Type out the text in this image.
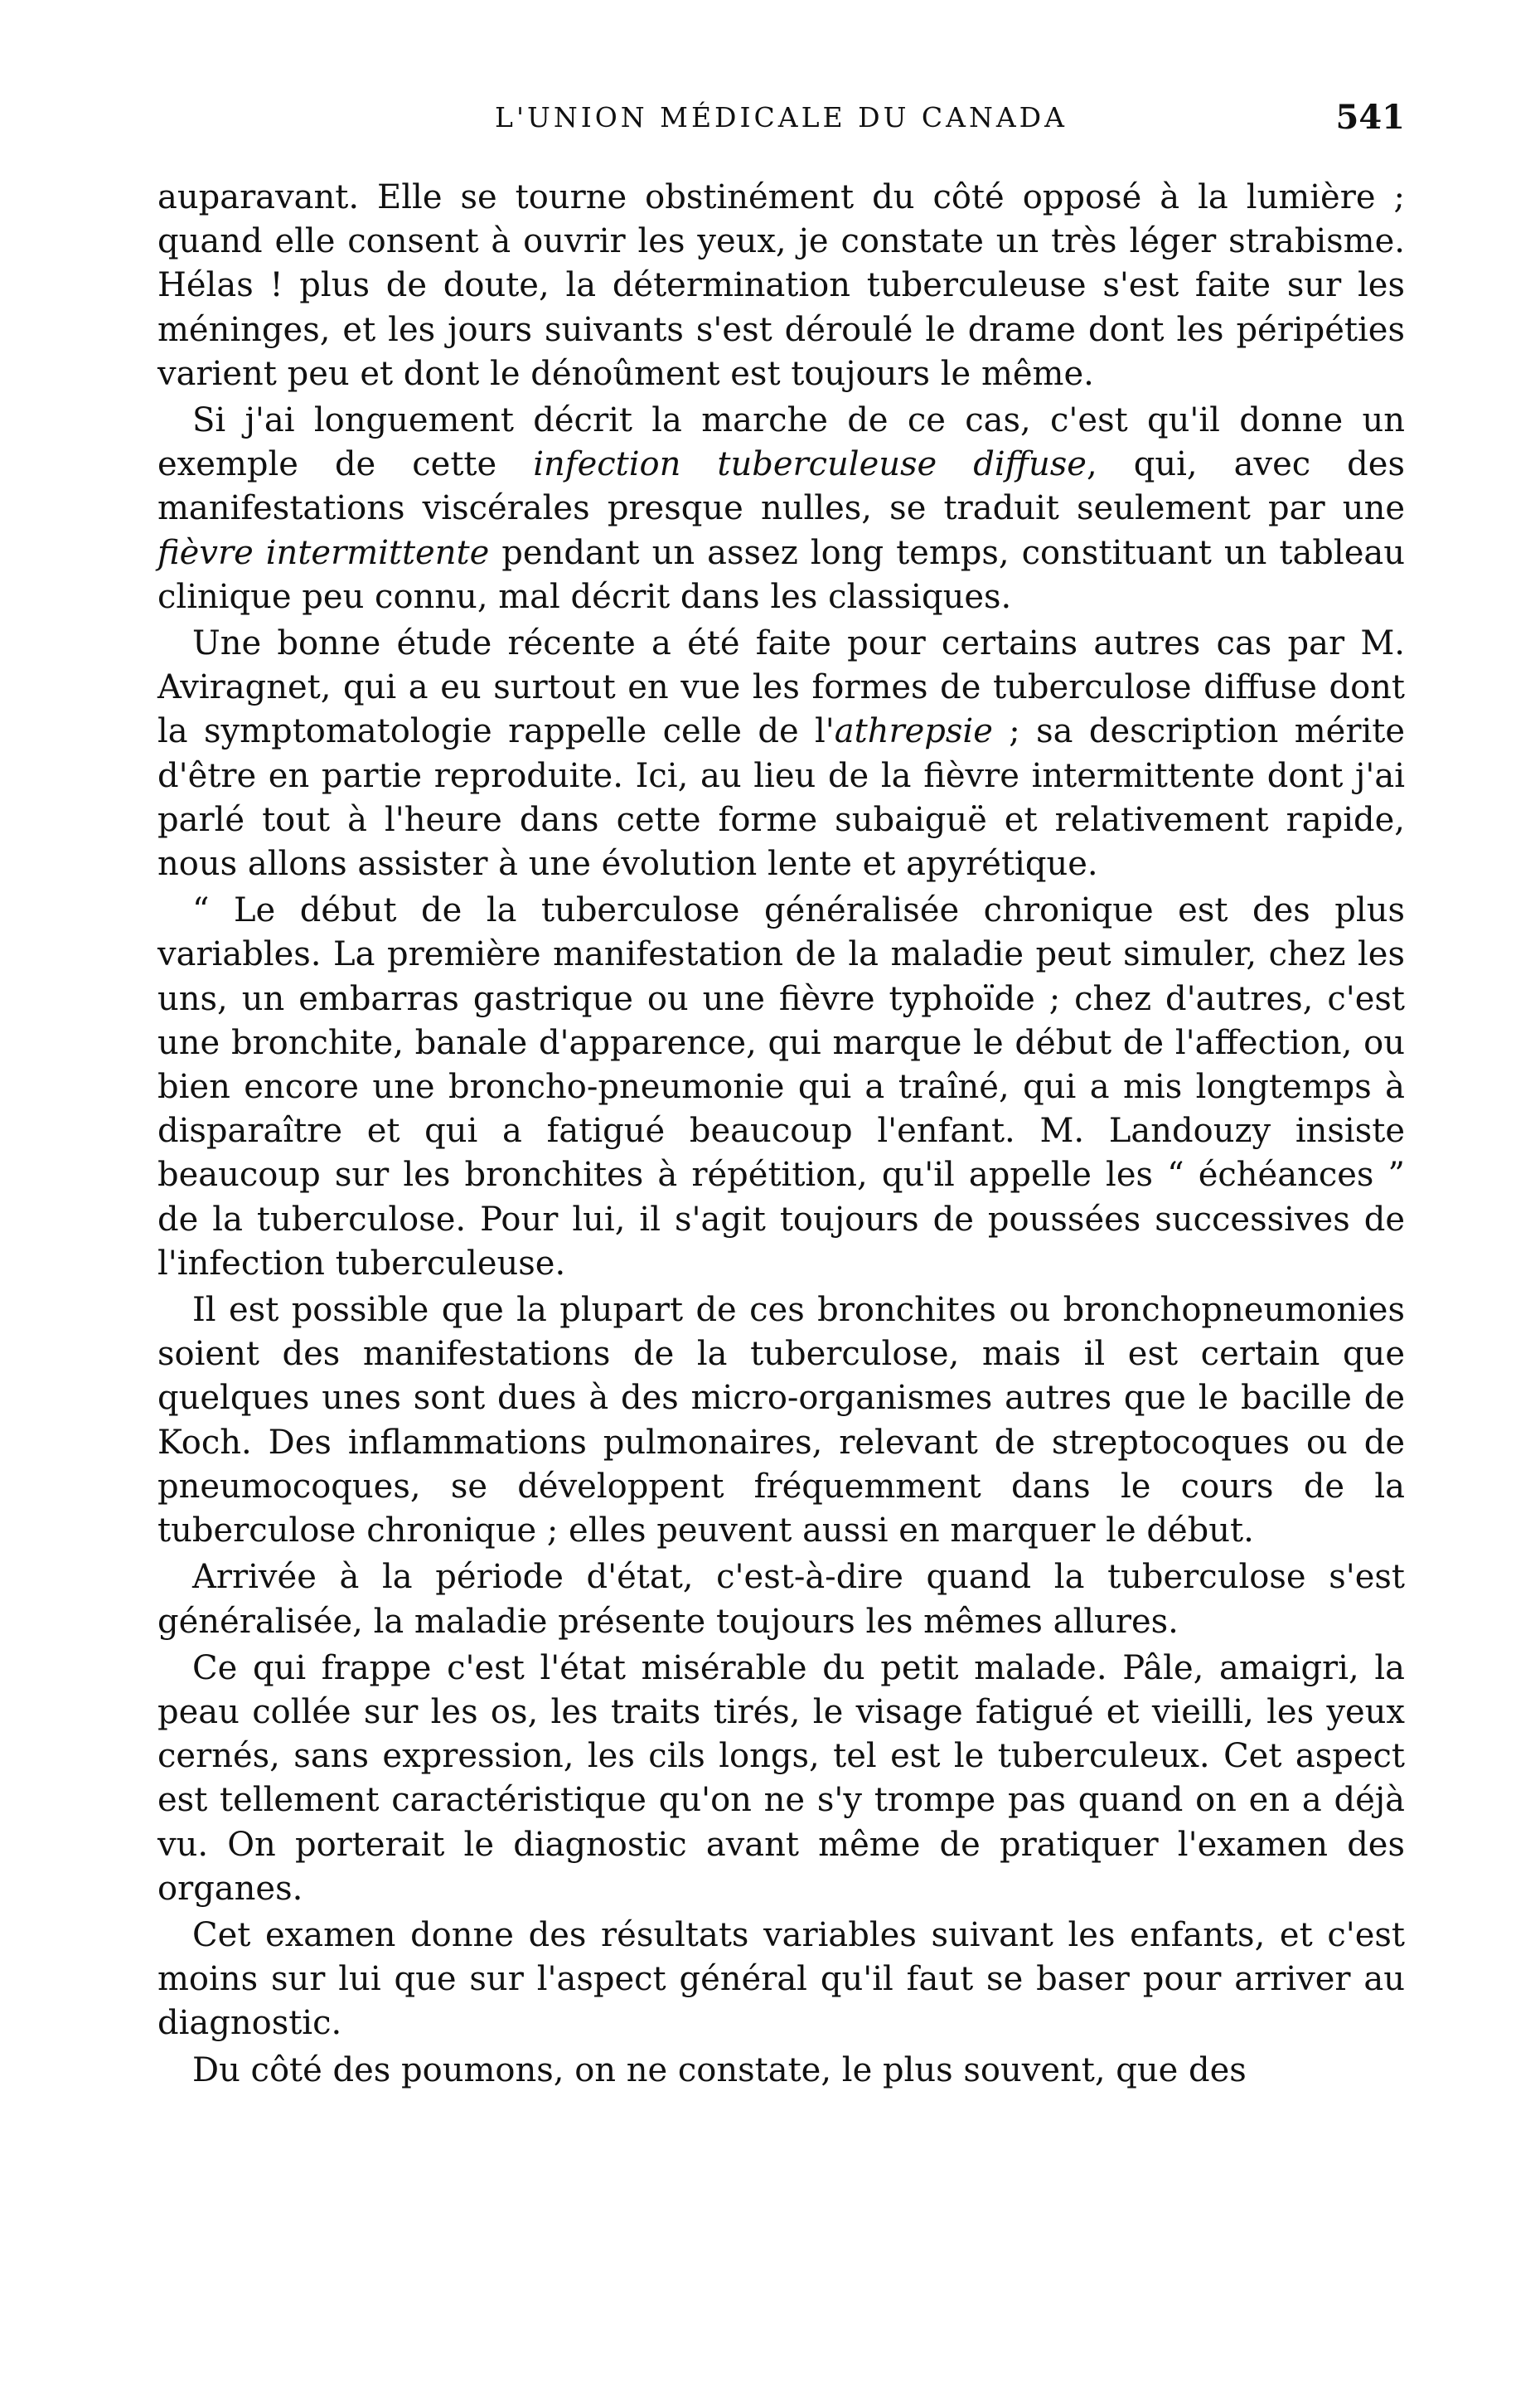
L'UNION MÉDICALE DU CANADA	541

auparavant. Elle se tourne obstinément du côté opposé à la lumière ; quand elle consent à ouvrir les yeux, je constate un très léger strabisme. Hélas ! plus de doute, la détermination tuberculeuse s'est faite sur les méninges, et les jours suivants s'est déroulé le drame dont les péripéties varient peu et dont le dénoûment est toujours le même.

Si j'ai longuement décrit la marche de ce cas, c'est qu'il donne un exemple de cette infection tuberculeuse diffuse, qui, avec des manifestations viscérales presque nulles, se traduit seulement par une fièvre intermittente pendant un assez long temps, constituant un tableau clinique peu connu, mal décrit dans les classiques.

Une bonne étude récente a été faite pour certains autres cas par M. Aviragnet, qui a eu surtout en vue les formes de tuberculose diffuse dont la symptomatologie rappelle celle de l'athrepsie ; sa description mérite d'être en partie reproduite. Ici, au lieu de la fièvre intermittente dont j'ai parlé tout à l'heure dans cette forme subaiguë et relativement rapide, nous allons assister à une évolution lente et apyrétique.

“ Le début de la tuberculose généralisée chronique est des plus variables. La première manifestation de la maladie peut simuler, chez les uns, un embarras gastrique ou une fièvre typhoïde ; chez d'autres, c'est une bronchite, banale d'apparence, qui marque le début de l'affection, ou bien encore une broncho-pneumonie qui a traîné, qui a mis longtemps à disparaître et qui a fatigué beaucoup l'enfant. M. Landouzy insiste beaucoup sur les bronchites à répétition, qu'il appelle les “ échéances ” de la tuberculose. Pour lui, il s'agit toujours de poussées successives de l'infection tuberculeuse.

Il est possible que la plupart de ces bronchites ou bronchopneumonies soient des manifestations de la tuberculose, mais il est certain que quelques unes sont dues à des micro-organismes autres que le bacille de Koch. Des inflammations pulmonaires, relevant de streptocoques ou de pneumocoques, se développent fréquemment dans le cours de la tuberculose chronique ; elles peuvent aussi en marquer le début.

Arrivée à la période d'état, c'est-à-dire quand la tuberculose s'est généralisée, la maladie présente toujours les mêmes allures.

Ce qui frappe c'est l'état misérable du petit malade. Pâle, amaigri, la peau collée sur les os, les traits tirés, le visage fatigué et vieilli, les yeux cernés, sans expression, les cils longs, tel est le tuberculeux. Cet aspect est tellement caractéristique qu'on ne s'y trompe pas quand on en a déjà vu. On porterait le diagnostic avant même de pratiquer l'examen des organes.

Cet examen donne des résultats variables suivant les enfants, et c'est moins sur lui que sur l'aspect général qu'il faut se baser pour arriver au diagnostic.

Du côté des poumons, on ne constate, le plus souvent, que des
